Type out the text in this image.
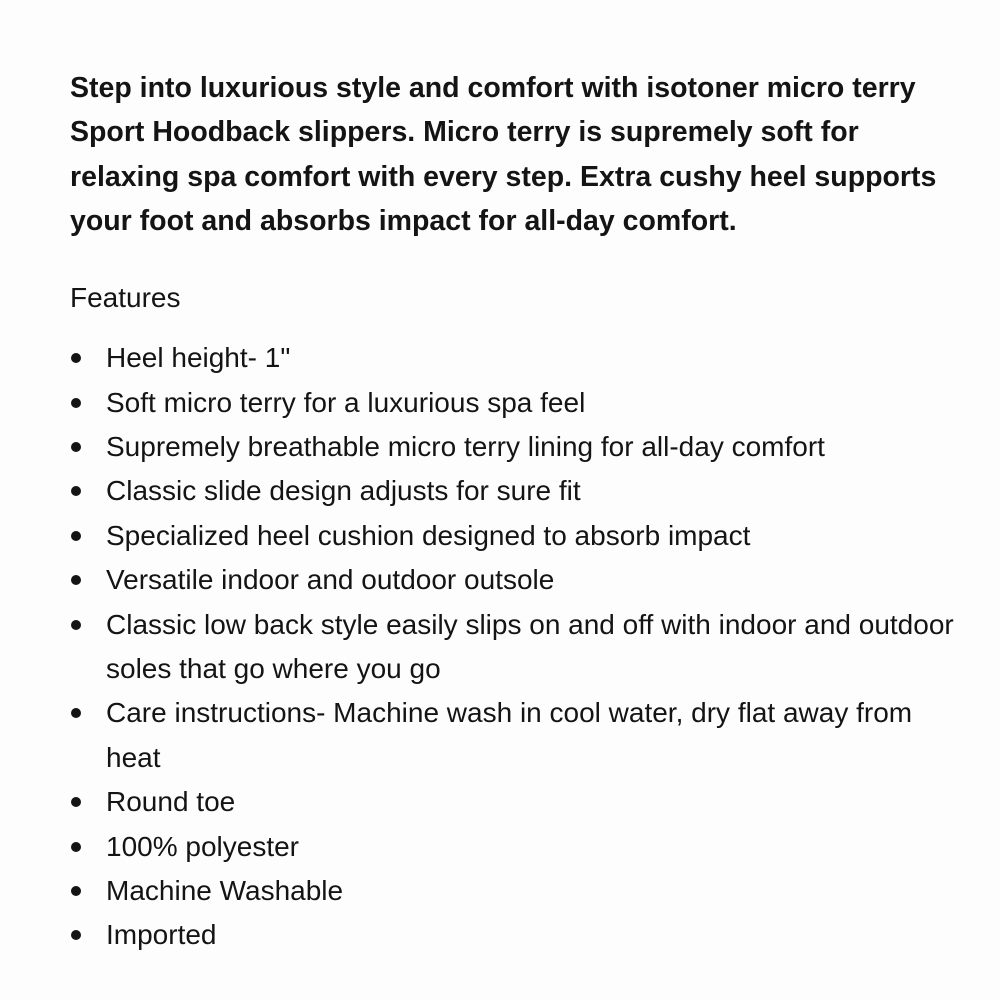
Step into luxurious style and comfort with isotoner micro terry Sport Hoodback slippers. Micro terry is supremely soft for relaxing spa comfort with every step. Extra cushy heel supports your foot and absorbs impact for all-day comfort.

Features
Heel height- 1"
Soft micro terry for a luxurious spa feel
Supremely breathable micro terry lining for all-day comfort
Classic slide design adjusts for sure fit
Specialized heel cushion designed to absorb impact
Versatile indoor and outdoor outsole
Classic low back style easily slips on and off with indoor and outdoor soles that go where you go
Care instructions- Machine wash in cool water, dry flat away from heat
Round toe
100% polyester
Machine Washable
Imported
